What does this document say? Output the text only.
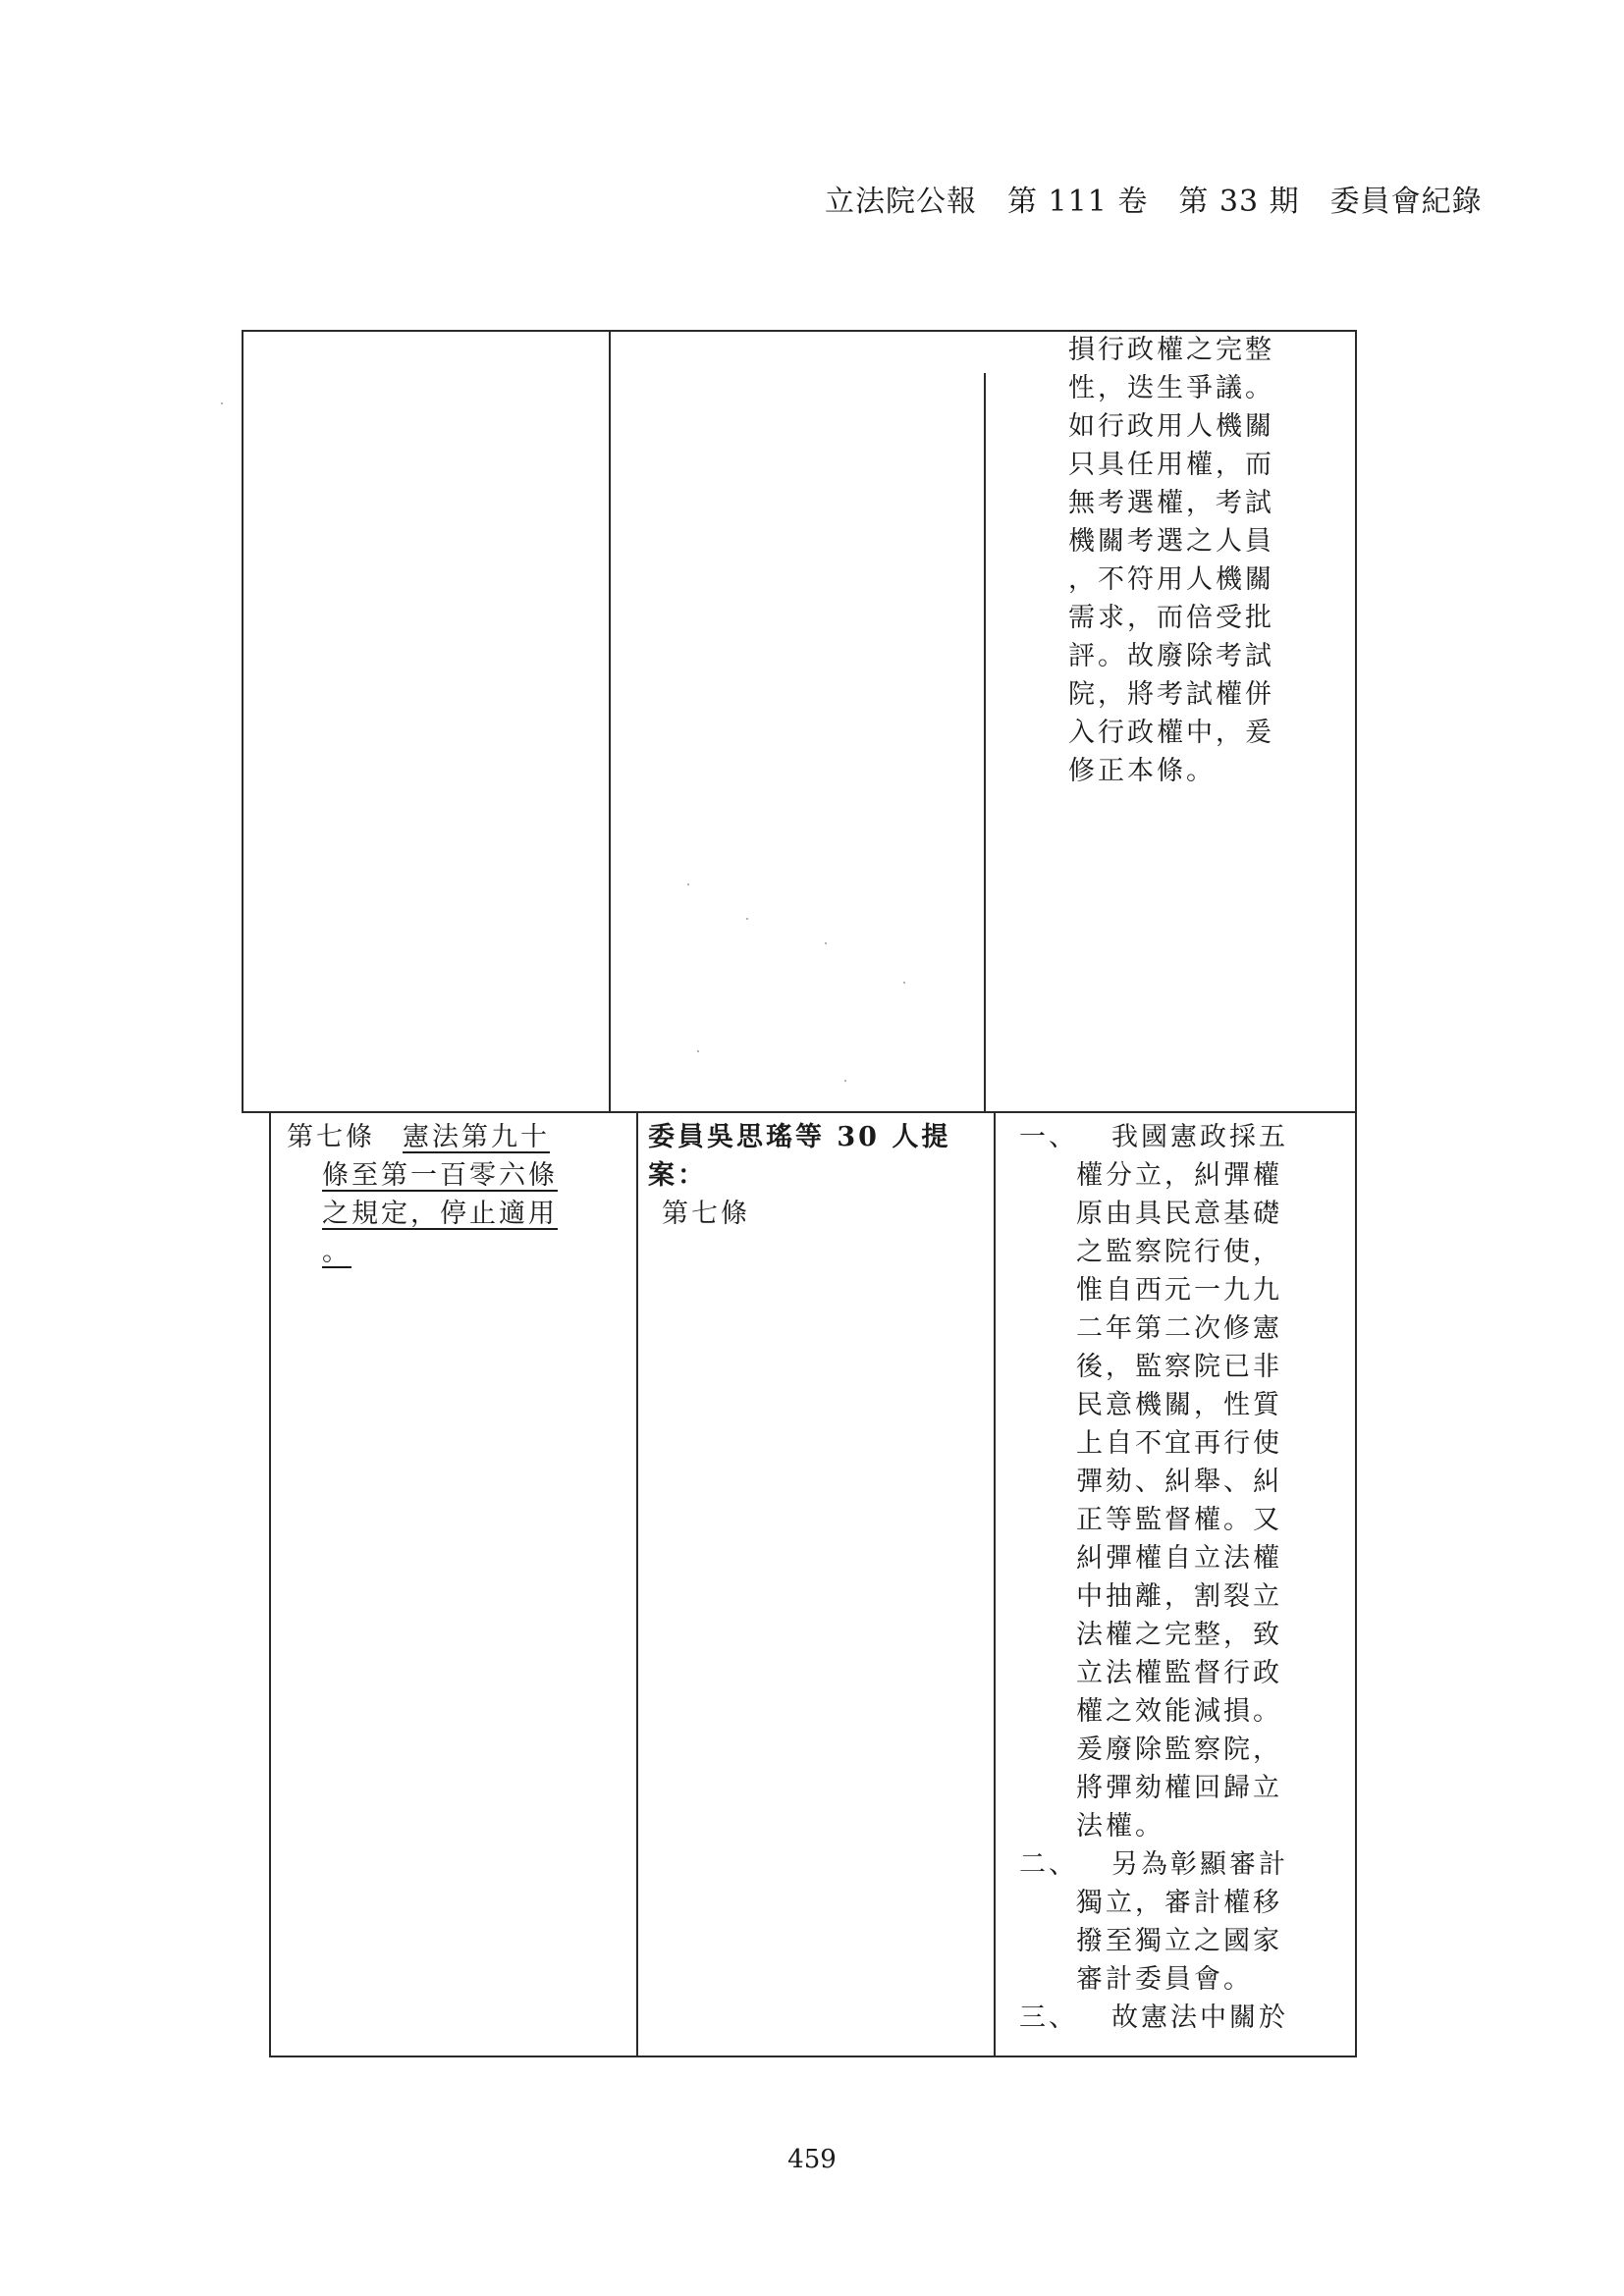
立法院公報　第 111 卷　第 33 期　委員會紀錄
損行政權之完整
性，迭生爭議。
如行政用人機關
只具任用權，而
無考選權，考試
機關考選之人員
，不符用人機關
需求，而倍受批
評。故廢除考試
院，將考試權併
入行政權中，爰
修正本條。
第七條 憲法第九十
條至第一百零六條
之規定，停止適用
。
委員吳思瑤等 30 人提
案：
第七條
一、 我國憲政採五
權分立，糾彈權
原由具民意基礎
之監察院行使，
惟自西元一九九
二年第二次修憲
後，監察院已非
民意機關，性質
上自不宜再行使
彈劾、糾舉、糾
正等監督權。又
糾彈權自立法權
中抽離，割裂立
法權之完整，致
立法權監督行政
權之效能減損。
爰廢除監察院，
將彈劾權回歸立
法權。
二、 另為彰顯審計
獨立，審計權移
撥至獨立之國家
審計委員會。
三、 故憲法中關於
459
